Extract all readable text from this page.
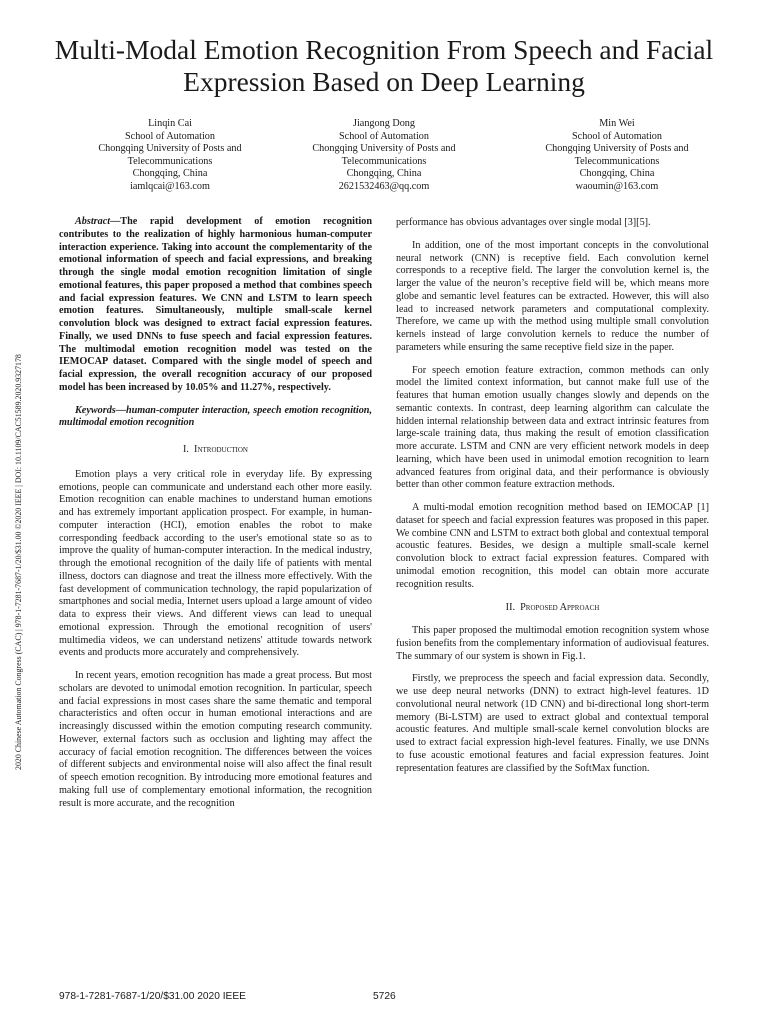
Multi-Modal Emotion Recognition From Speech and Facial Expression Based on Deep Learning
Linqin Cai
School of Automation
Chongqing University of Posts and
Telecommunications
Chongqing, China
iamlqcai@163.com
Jiangong Dong
School of Automation
Chongqing University of Posts and
Telecommunications
Chongqing, China
2621532463@qq.com
Min Wei
School of Automation
Chongqing University of Posts and
Telecommunications
Chongqing, China
waoumin@163.com
2020 Chinese Automation Congress (CAC) | 978-1-7281-7687-1/20/$31.00 ©2020 IEEE | DOI: 10.1109/CAC51589.2020.9327178

Abstract—The rapid development of emotion recognition contributes to the realization of highly harmonious human-computer interaction experience. Taking into account the complementarity of the emotional information of speech and facial expressions, and breaking through the single modal emotion recognition limitation of single emotional features, this paper proposed a method that combines speech and facial expression features. We CNN and LSTM to learn speech emotion features. Simultaneously, multiple small-scale kernel convolution block was designed to extract facial expression features. Finally, we used DNNs to fuse speech and facial expression features. The multimodal emotion recognition model was tested on the IEMOCAP dataset. Compared with the single model of speech and facial expression, the overall recognition accuracy of our proposed model has been increased by 10.05% and 11.27%, respectively.

Keywords—human-computer interaction, speech emotion recognition, multimodal emotion recognition

I. Introduction

Emotion plays a very critical role in everyday life. By expressing emotions, people can communicate and understand each other more easily. Emotion recognition can enable machines to understand human emotions and has extremely important application prospect. For example, in human-computer interaction (HCI), emotion enables the robot to make corresponding feedback according to the user's emotional state so as to improve the quality of human-computer interaction. In the medical industry, through the emotional recognition of the daily life of patients with mental illness, doctors can diagnose and treat the illness more effectively. With the fast development of communication technology, the rapid popularization of smartphones and social media, Internet users upload a large amount of video data to express their views. And different views can lead to unequal emotional expression. Through the emotional recognition of users' multimedia videos, we can understand netizens' attitude towards network events and products more accurately and comprehensively.

In recent years, emotion recognition has made a great process. But most scholars are devoted to unimodal emotion recognition. In particular, speech and facial expressions in most cases share the same thematic and temporal characteristics and often occur in human emotional interactions and are increasingly discussed within the emotion computing research community. However, external factors such as occlusion and lighting may affect the accuracy of facial emotion recognition. The differences between the voices of different subjects and environmental noise will also affect the final result of speech emotion recognition. By introducing more emotional features and making full use of complementary emotional information, the recognition result is more accurate, and the recognition

performance has obvious advantages over single modal [3][5].

In addition, one of the most important concepts in the convolutional neural network (CNN) is receptive field. Each convolution kernel corresponds to a receptive field. The larger the convolution kernel is, the larger the value of the neuron’s receptive field will be, which means more globe and semantic level features can be extracted. However, this will also lead to increased network parameters and computational complexity. Therefore, we came up with the method using multiple small convolution kernels instead of large convolution kernels to reduce the number of parameters while ensuring the same receptive field size in the paper.

For speech emotion feature extraction, common methods can only model the limited context information, but cannot make full use of the features that human emotion usually changes slowly and depends on the semantic contexts. In contrast, deep learning algorithm can calculate the hidden internal relationship between data and extract intrinsic features from large-scale training data, thus making the result of emotion classification more accurate. LSTM and CNN are very efficient network models in deep learning, which have been used in unimodal emotion recognition to learn advanced features from original data, and their performance is obviously better than other common feature extraction methods.

A multi-modal emotion recognition method based on IEMOCAP [1] dataset for speech and facial expression features was proposed in this paper. We combine CNN and LSTM to extract both global and contextual temporal acoustic features. Besides, we design a multiple small-scale kernel convolution block to extract facial expression features. Compared with unimodal emotion recognition, this model can obtain more accurate recognition results.

II. Proposed Approach

This paper proposed the multimodal emotion recognition system whose fusion benefits from the complementary information of audiovisual features. The summary of our system is shown in Fig.1.

Firstly, we preprocess the speech and facial expression data. Secondly, we use deep neural networks (DNN) to extract high-level features. 1D convolutional neural network (1D CNN) and bi-directional long short-term memory (Bi-LSTM) are used to extract global and contextual temporal acoustic features. And multiple small-scale kernel convolution blocks are used to extract facial expression high-level features. Finally, we use DNNs to fuse acoustic emotional features and facial expression features. Joint representation features are classified by the SoftMax function.

978-1-7281-7687-1/20/$31.00 2020 IEEE	5726
